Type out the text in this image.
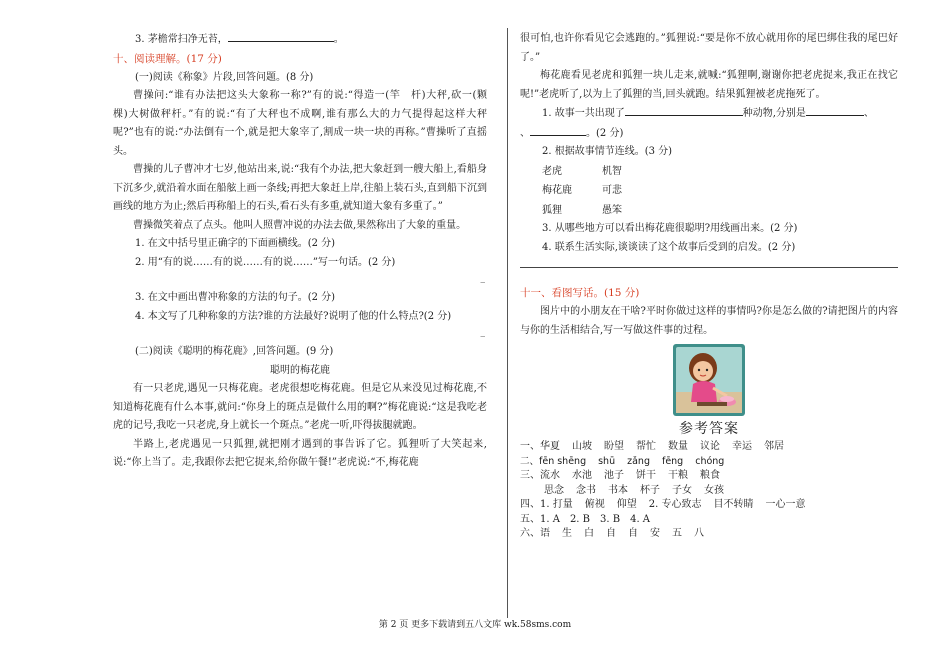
3. 茅檐常扫净无苔，	。

十、阅读理解。(17 分)

(一)阅读《称象》片段,回答问题。(8 分)

曹操问:“谁有办法把这头大象称一称?”有的说:“得造一(竿　杆)大秤,砍一(颗　棵)大树做秤杆。”有的说:“有了大秤也不成啊,谁有那么大的力气提得起这样大秤呢?”也有的说:“办法倒有一个,就是把大象宰了,割成一块一块的再称。”曹操听了直摇头。

曹操的儿子曹冲才七岁,他站出来,说:“我有个办法,把大象赶到一艘大船上,看船身下沉多少,就沿着水面在船舷上画一条线;再把大象赶上岸,往船上装石头,直到船下沉到画线的地方为止;然后再称船上的石头,看石头有多重,就知道大象有多重了。”

曹操微笑着点了点头。他叫人照曹冲说的办法去做,果然称出了大象的重量。

1. 在文中括号里正确字的下面画横线。(2 分)

2. 用“有的说……有的说……有的说……”写一句话。(2 分)

_

3. 在文中画出曹冲称象的方法的句子。(2 分)

4. 本文写了几种称象的方法?谁的方法最好?说明了他的什么特点?(2 分)

_

(二)阅读《聪明的梅花鹿》,回答问题。(9 分)

聪明的梅花鹿

有一只老虎,遇见一只梅花鹿。老虎很想吃梅花鹿。但是它从来没见过梅花鹿,不知道梅花鹿有什么本事,就问:“你身上的斑点是做什么用的啊?”梅花鹿说:“这是我吃老虎的记号,我吃一只老虎,身上就长一个斑点。”老虎一听,吓得拔腿就跑。

半路上,老虎遇见一只狐狸,就把刚才遇到的事告诉了它。狐狸听了大笑起来,说:“你上当了。走,我跟你去把它捉来,给你做午餐!”老虎说:“不,梅花鹿

很可怕,也许你看见它会逃跑的。”狐狸说:“要是你不放心就用你的尾巴绑住我的尾巴好了。”

梅花鹿看见老虎和狐狸一块儿走来,就喊:“狐狸啊,谢谢你把老虎捉来,我正在找它呢!”老虎听了,以为上了狐狸的当,回头就跑。结果狐狸被老虎拖死了。

1. 故事一共出现了	种动物,分别是	、

、	。(2 分)

2. 根据故事情节连线。(3 分)

老虎	机智
梅花鹿	可悲
狐狸	愚笨

3. 从哪些地方可以看出梅花鹿很聪明?用线画出来。(2 分)

4. 联系生活实际,谈谈读了这个故事后受到的启发。(2 分)

十一、看图写话。(15 分)

图片中的小朋友在干啥?平时你做过这样的事情吗?你是怎么做的?请把图片的内容与你的生活相结合,写一写做这件事的过程。

参考答案

一、华夏 山坡 盼望 帮忙 数量 议论 幸运 邻居
二、fēn shēng shū zǎng fēng chóng
三、流水 水池 池子 饼干 干粮 粮食
思念 念书 书本 杯子 子女 女孩
四、1. 打量 俯视 仰望 2. 专心致志 目不转睛 一心一意
五、1. A　2. B　3. B　4. A
六、语 生 白 自 自 安 五 八
第 2 页 更多下载请到五八文库 wk.58sms.com
